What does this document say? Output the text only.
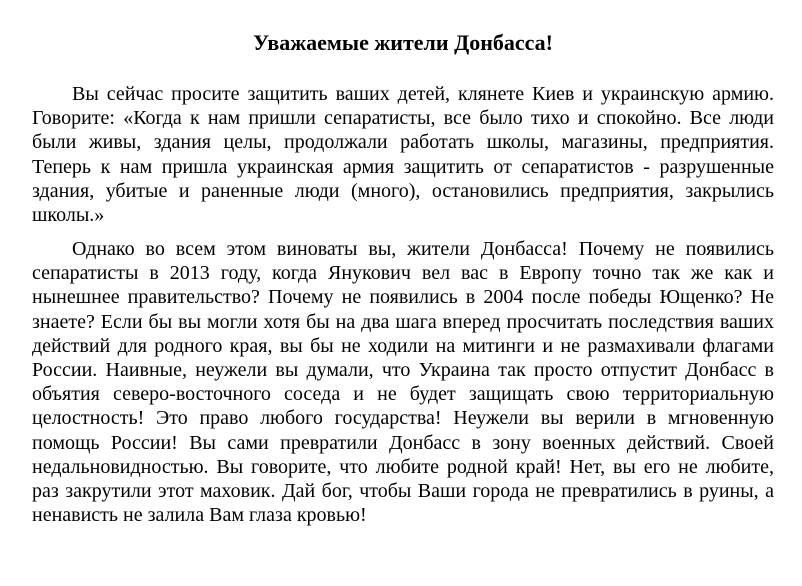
Уважаемые жители Донбасса!

Вы сейчас просите защитить ваших детей, клянете Киев и украинскую армию. Говорите: «Когда к нам пришли сепаратисты, все было тихо и спокойно. Все люди были живы, здания целы, продолжали работать школы, магазины, предприятия. Теперь к нам пришла украинская армия защитить от сепаратистов - разрушенные здания, убитые и раненные люди (много), остановились предприятия, закрылись школы.»

Однако во всем этом виноваты вы, жители Донбасса! Почему не появились сепаратисты в 2013 году, когда Янукович вел вас в Европу точно так же как и нынешнее правительство? Почему не появились в 2004 после победы Ющенко? Не знаете? Если бы вы могли хотя бы на два шага вперед просчитать последствия ваших действий для родного края, вы бы не ходили на митинги и не размахивали флагами России. Наивные, неужели вы думали, что Украина так просто отпустит Донбасс в объятия северо-восточного соседа и не будет защищать свою территориальную целостность! Это право любого государства! Неужели вы верили в мгновенную помощь России! Вы сами превратили Донбасс в зону военных действий. Своей недальновидностью. Вы говорите, что любите родной край! Нет, вы его не любите, раз закрутили этот маховик. Дай бог, чтобы Ваши города не превратились в руины, а ненависть не залила Вам глаза кровью!
